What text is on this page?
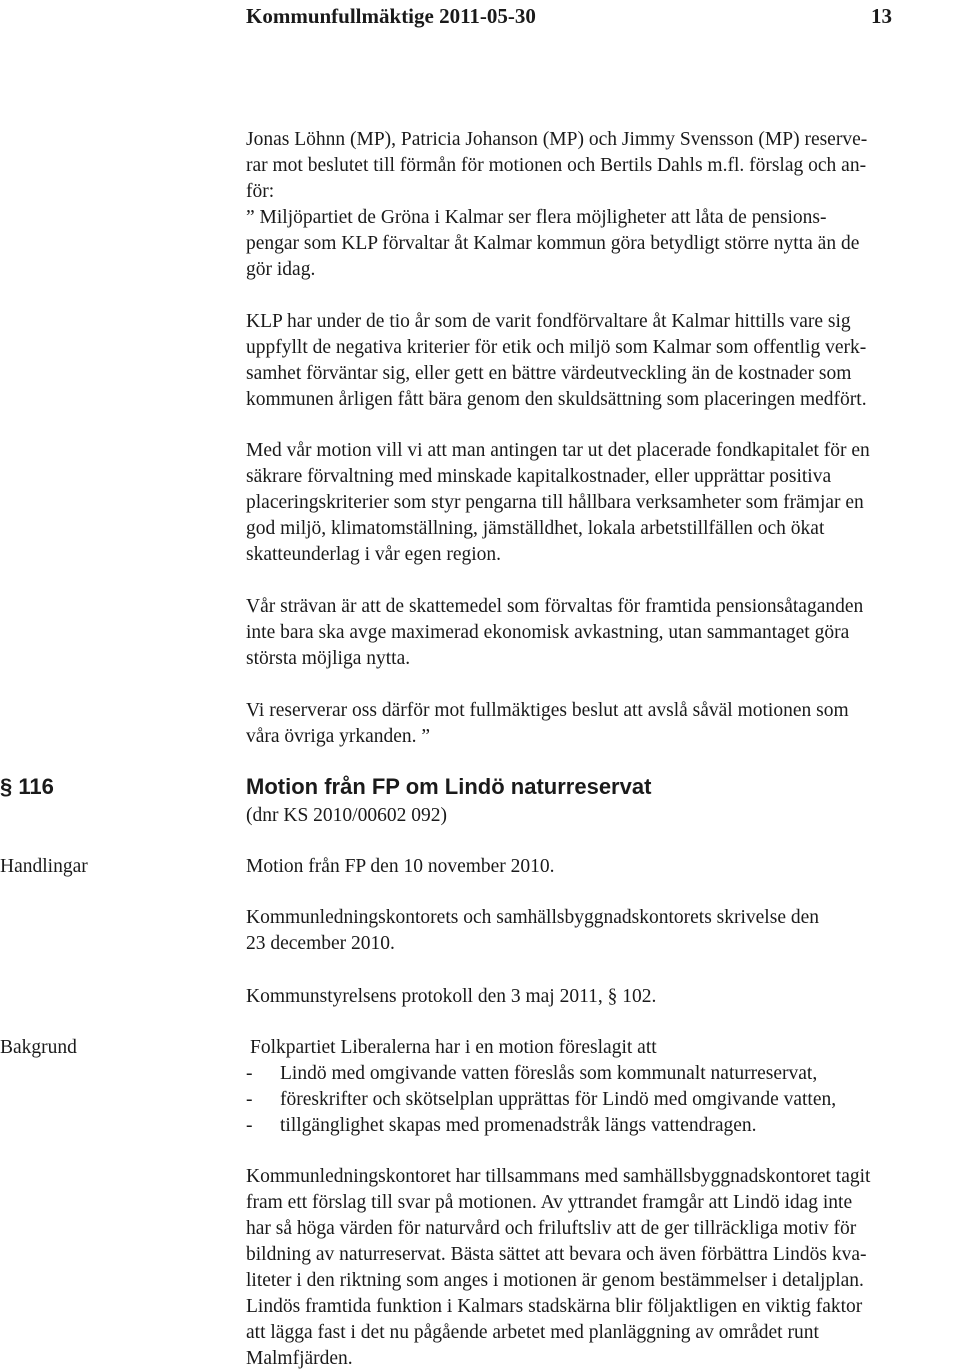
Kommunfullmäktige 2011-05-30	13
Jonas Löhnn (MP), Patricia Johanson (MP) och Jimmy Svensson (MP) reserve-
rar mot beslutet till förmån för motionen och Bertils Dahls m.fl. förslag och an-
för:
” Miljöpartiet de Gröna i Kalmar ser flera möjligheter att låta de pensions-
pengar som KLP förvaltar åt Kalmar kommun göra betydligt större nytta än de
gör idag.
KLP har under de tio år som de varit fondförvaltare åt Kalmar hittills vare sig
uppfyllt de negativa kriterier för etik och miljö som Kalmar som offentlig verk-
samhet förväntar sig, eller gett en bättre värdeutveckling än de kostnader som
kommunen årligen fått bära genom den skuldsättning som placeringen medfört.
Med vår motion vill vi att man antingen tar ut det placerade fondkapitalet för en
säkrare förvaltning med minskade kapitalkostnader, eller upprättar positiva
placeringskriterier som styr pengarna till hållbara verksamheter som främjar en
god miljö, klimatomställning, jämställdhet, lokala arbetstillfällen och ökat
skatteunderlag i vår egen region.
Vår strävan är att de skattemedel som förvaltas för framtida pensionsåtaganden
inte bara ska avge maximerad ekonomisk avkastning, utan sammantaget göra
största möjliga nytta.
Vi reserverar oss därför mot fullmäktiges beslut att avslå såväl motionen som
våra övriga yrkanden. ”
§ 116	Motion från FP om Lindö naturreservat
(dnr KS 2010/00602 092)
Handlingar	Motion från FP den 10 november 2010.
Kommunledningskontorets och samhällsbyggnadskontorets skrivelse den
23 december 2010.
Kommunstyrelsens protokoll den 3 maj 2011, § 102.
Bakgrund	Folkpartiet Liberalerna har i en motion föreslagit att
-	Lindö med omgivande vatten föreslås som kommunalt naturreservat,
-	föreskrifter och skötselplan upprättas för Lindö med omgivande vatten,
-	tillgänglighet skapas med promenadstråk längs vattendragen.
Kommunledningskontoret har tillsammans med samhällsbyggnadskontoret tagit
fram ett förslag till svar på motionen. Av yttrandet framgår att Lindö idag inte
har så höga värden för naturvård och friluftsliv att de ger tillräckliga motiv för
bildning av naturreservat. Bästa sättet att bevara och även förbättra Lindös kva-
liteter i den riktning som anges i motionen är genom bestämmelser i detaljplan.
Lindös framtida funktion i Kalmars stadskärna blir följaktligen en viktig faktor
att lägga fast i det nu pågående arbetet med planläggning av området runt
Malmfjärden.
